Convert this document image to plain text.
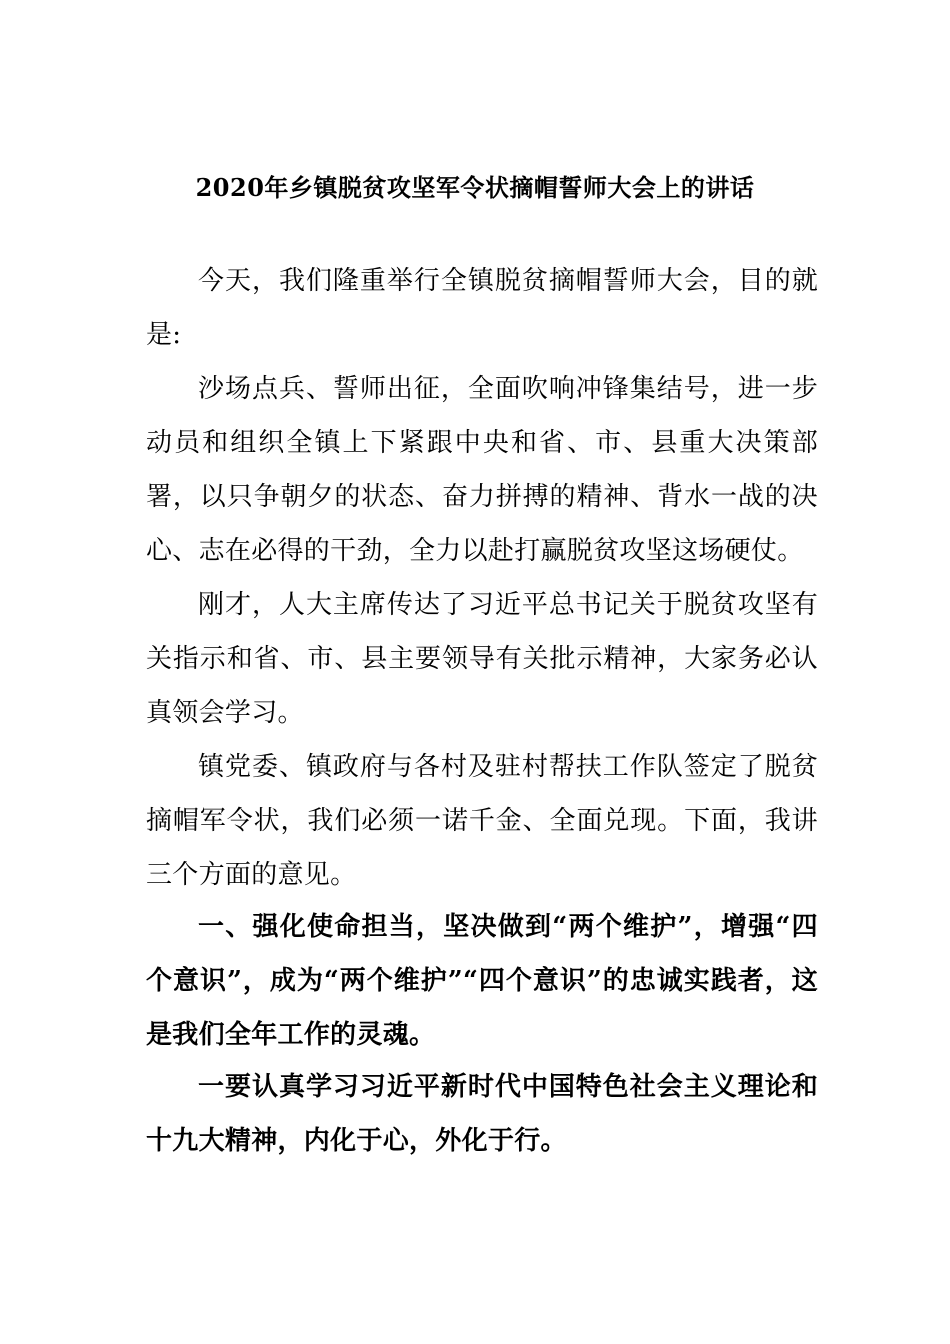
2020年乡镇脱贫攻坚军令状摘帽誓师大会上的讲话
今天，我们隆重举行全镇脱贫摘帽誓师大会，目的就是:
沙场点兵、誓师出征，全面吹响冲锋集结号，进一步动员和组织全镇上下紧跟中央和省、市、县重大决策部署，以只争朝夕的状态、奋力拼搏的精神、背水一战的决心、志在必得的干劲，全力以赴打赢脱贫攻坚这场硬仗。
刚才，人大主席传达了习近平总书记关于脱贫攻坚有关指示和省、市、县主要领导有关批示精神，大家务必认真领会学习。
镇党委、镇政府与各村及驻村帮扶工作队签定了脱贫摘帽军令状，我们必须一诺千金、全面兑现。下面，我讲三个方面的意见。
一、强化使命担当，坚决做到“两个维护”，增强“四个意识”，成为“两个维护”“四个意识”的忠诚实践者，这是我们全年工作的灵魂。
一要认真学习习近平新时代中国特色社会主义理论和十九大精神，内化于心，外化于行。
